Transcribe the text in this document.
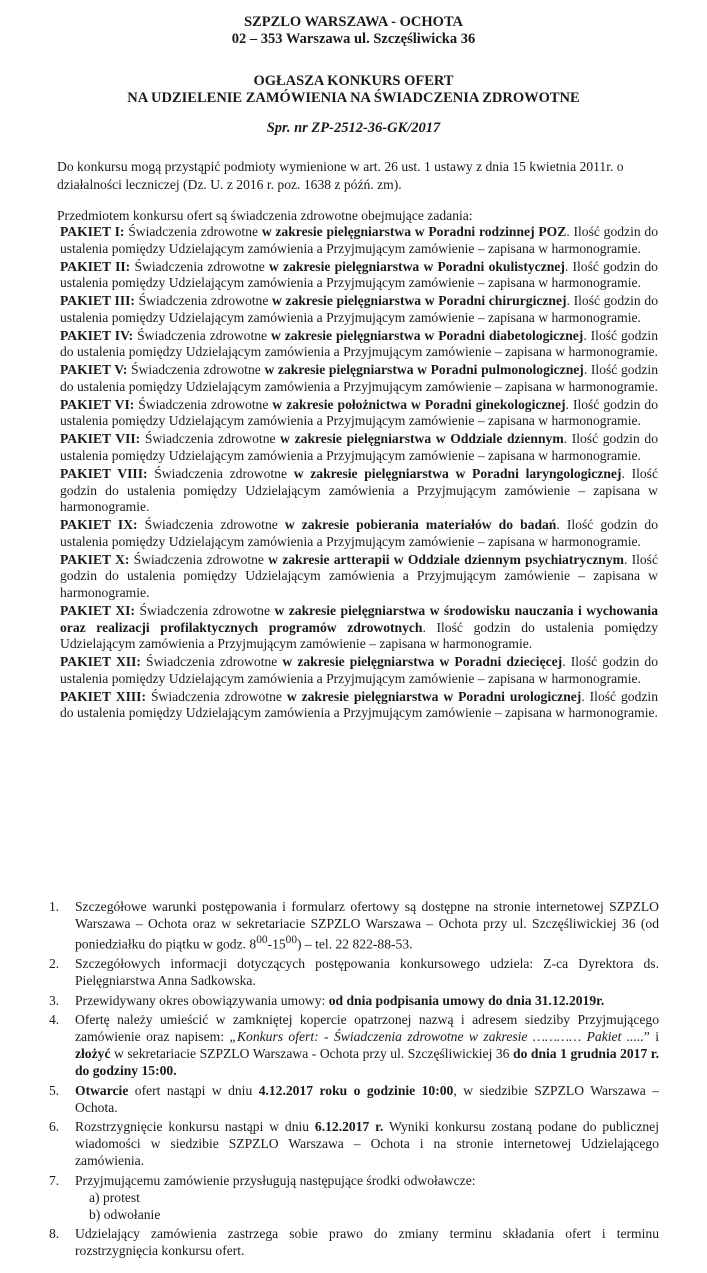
SZPZLO WARSZAWA - OCHOTA
02 – 353 Warszawa ul. Szczęśliwicka 36
OGŁASZA KONKURS OFERT
NA UDZIELENIE ZAMÓWIENIA NA ŚWIADCZENIA ZDROWOTNE
Spr. nr ZP-2512-36-GK/2017
Do konkursu mogą przystąpić podmioty wymienione w art. 26 ust. 1 ustawy z dnia 15 kwietnia 2011r. o działalności leczniczej (Dz. U. z 2016 r. poz. 1638 z późń. zm).
Przedmiotem konkursu ofert są świadczenia zdrowotne obejmujące zadania:
PAKIET I: Świadczenia zdrowotne w zakresie pielęgniarstwa w Poradni rodzinnej POZ. Ilość godzin do ustalenia pomiędzy Udzielającym zamówienia a Przyjmującym zamówienie – zapisana w harmonogramie.
PAKIET II: Świadczenia zdrowotne w zakresie pielęgniarstwa w Poradni okulistycznej. Ilość godzin do ustalenia pomiędzy Udzielającym zamówienia a Przyjmującym zamówienie – zapisana w harmonogramie.
PAKIET III: Świadczenia zdrowotne w zakresie pielęgniarstwa w Poradni chirurgicznej. Ilość godzin do ustalenia pomiędzy Udzielającym zamówienia a Przyjmującym zamówienie – zapisana w harmonogramie.
PAKIET IV: Świadczenia zdrowotne w zakresie pielęgniarstwa w Poradni diabetologicznej. Ilość godzin do ustalenia pomiędzy Udzielającym zamówienia a Przyjmującym zamówienie – zapisana w harmonogramie.
PAKIET V: Świadczenia zdrowotne w zakresie pielęgniarstwa w Poradni pulmonologicznej. Ilość godzin do ustalenia pomiędzy Udzielającym zamówienia a Przyjmującym zamówienie – zapisana w harmonogramie.
PAKIET VI: Świadczenia zdrowotne w zakresie położnictwa w Poradni ginekologicznej. Ilość godzin do ustalenia pomiędzy Udzielającym zamówienia a Przyjmującym zamówienie – zapisana w harmonogramie.
PAKIET VII: Świadczenia zdrowotne w zakresie pielęgniarstwa w Oddziale dziennym. Ilość godzin do ustalenia pomiędzy Udzielającym zamówienia a Przyjmującym zamówienie – zapisana w harmonogramie.
PAKIET VIII: Świadczenia zdrowotne w zakresie pielęgniarstwa w Poradni laryngologicznej. Ilość godzin do ustalenia pomiędzy Udzielającym zamówienia a Przyjmującym zamówienie – zapisana w harmonogramie.
PAKIET IX: Świadczenia zdrowotne w zakresie pobierania materiałów do badań. Ilość godzin do ustalenia pomiędzy Udzielającym zamówienia a Przyjmującym zamówienie – zapisana w harmonogramie.
PAKIET X: Świadczenia zdrowotne w zakresie artterapii w Oddziale dziennym psychiatrycznym. Ilość godzin do ustalenia pomiędzy Udzielającym zamówienia a Przyjmującym zamówienie – zapisana w harmonogramie.
PAKIET XI: Świadczenia zdrowotne w zakresie pielęgniarstwa w środowisku nauczania i wychowania oraz realizacji profilaktycznych programów zdrowotnych. Ilość godzin do ustalenia pomiędzy Udzielającym zamówienia a Przyjmującym zamówienie – zapisana w harmonogramie.
PAKIET XII: Świadczenia zdrowotne w zakresie pielęgniarstwa w Poradni dziecięcej. Ilość godzin do ustalenia pomiędzy Udzielającym zamówienia a Przyjmującym zamówienie – zapisana w harmonogramie.
PAKIET XIII: Świadczenia zdrowotne w zakresie pielęgniarstwa w Poradni urologicznej. Ilość godzin do ustalenia pomiędzy Udzielającym zamówienia a Przyjmującym zamówienie – zapisana w harmonogramie.
1. Szczegółowe warunki postępowania i formularz ofertowy są dostępne na stronie internetowej SZPZLO Warszawa – Ochota oraz w sekretariacie SZPZLO Warszawa – Ochota przy ul. Szczęśliwickiej 36 (od poniedziałku do piątku w godz. $8^{00}-15^{00}$) – tel. 22 822-88-53.
2. Szczegółowych informacji dotyczących postępowania konkursowego udziela: Z-ca Dyrektora ds. Pielęgniarstwa Anna Sadkowska.
3. Przewidywany okres obowiązywania umowy: od dnia podpisania umowy do dnia 31.12.2019r.
4. Ofertę należy umieścić w zamkniętej kopercie opatrzonej nazwą i adresem siedziby Przyjmującego zamówienie oraz napisem: „Konkurs ofert: - Świadczenia zdrowotne w zakresie ………… Pakiet .....” i złożyć w sekretariacie SZPZLO Warszawa - Ochota przy ul. Szczęśliwickiej 36 do dnia 1 grudnia 2017 r. do godziny 15:00.
5. Otwarcie ofert nastąpi w dniu 4.12.2017 roku o godzinie 10:00, w siedzibie SZPZLO Warszawa – Ochota.
6. Rozstrzygnięcie konkursu nastąpi w dniu 6.12.2017 r. Wyniki konkursu zostaną podane do publicznej wiadomości w siedzibie SZPZLO Warszawa – Ochota i na stronie internetowej Udzielającego zamówienia.
7. Przyjmującemu zamówienie przysługują następujące środki odwoławcze:
a) protest
b) odwołanie
8. Udzielający zamówienia zastrzega sobie prawo do zmiany terminu składania ofert i terminu rozstrzygnięcia konkursu ofert.
